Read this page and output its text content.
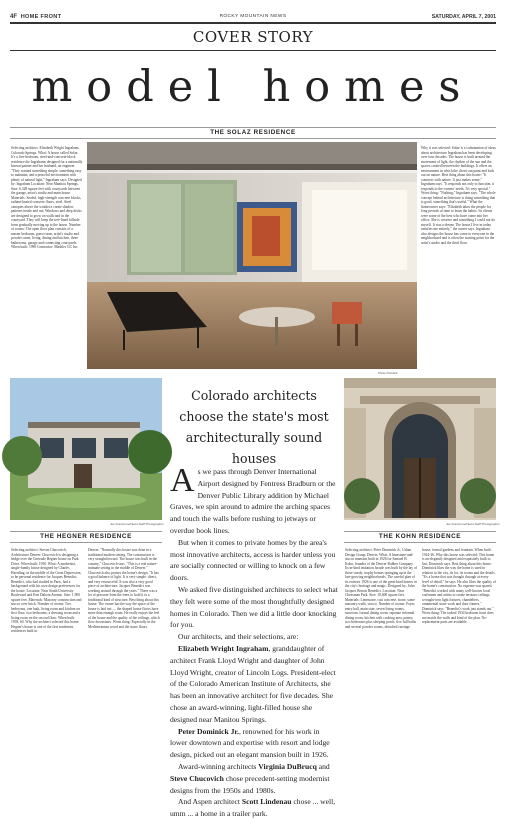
4F HOME FRONT	ROCKY MOUNTAIN NEWS	SATURDAY, APRIL 7, 2001
COVER STORY
model homes
THE SOLAZ RESIDENCE
Selecting architect: Elisabeth Wright Ingraham, Colorado Springs. What: A house called Solaz. It's a five-bedroom, steel-and-concrete-block residence the Ingrahams designed for a nationally known painter and her husband, an engineer. "They wanted something simple, something easy to maintain, and a peaceful environment with plenty of natural light," Ingraham says. Designed by: Ingraham Location: Near Manitou Springs. Size: 6,328 square feet with courtyards between the garage, artist's studio and main house. Materials: Sealed, high-strength concrete blocks, radiant-heated concrete floors, steel. Steel canopies above the windows create shadow patterns inside and out. Windows and deep decks are designed to grow on walls and in the courtyard. They will keep the tree-lined hillside from gradually moving up to the house. Number of rooms: The open floor plan consists of a master bedroom, guest room, artist's studio and powder room, living, dining and kitchen, three bathrooms, garage and connecting courtyards. When built: 1996 Contractor: Mashler GC Inc.
Photo Poltrack
Why it was selected: Solaz is a culmination of ideas about architecture Ingraham has been developing over four decades. The house is built around the movement of light, the rhythm of the sun and the spaces created between the buildings. It offers an environment in which the client can paint and look out on nature. Best thing about this house: "It connects with nature. It just makes sense," Ingraham says. "It responds not only to function, it responds to the owners' needs. It's very special." Worst thing: "Nothing," Ingraham says. "The whole concept behind architecture is doing something that is good, something that's useful." What the homeowner says: "Elisabeth takes the people for long periods of time to learn the habits. Its clients were some of the best who have come into her office. She is creative and something I could not do myself. It was a dream. The house I live in today satisfies me entirely," the owner says. Ingraham also designs the house has come to everyone in the neighborhood and is often the starting point for the artist's studio and the third floor.
Colorado architects choose the state's most architecturally sound houses
Joe Dunsmore/News Staff Photographer	Joe Dunsmore/News Staff Photographer
A s we pass through Denver International Airport designed by Fentress Bradburn or the Denver Public Library addition by Michael Graves, we spin around to admire the arching spaces and touch the walls before rushing to jetways or overdue book lines.

But when it comes to private homes by the area's most innovative architects, access is harder unless you are socially connected or willing to knock on a few doors.

We asked five distinguished architects to select what they felt were some of the most thoughtfully designed homes in Colorado. Then we did a little door knocking for you.

Our architects, and their selections, are:

Elizabeth Wright Ingraham, granddaughter of architect Frank Lloyd Wright and daughter of John Lloyd Wright, creator of Lincoln Logs. President-elect of the Colorado American Institute of Architects, she has been an innovative architect for five decades. She chose an award-winning, light-filled house she designed near Manitou Springs.

Peter Dominick Jr., renowned for his work in lower downtown and expertise with resort and lodge design, picked out an elegant mansion built in 1926.

Award-winning architects Virginia DuBrucq and Steve Chucovich chose precedent-setting modernist designs from the 1950s and 1980s.

And Aspen architect Scott Lindenau chose ... well, umm ... a home in a trailer park.

THE HEGNER RESIDENCE
Selecting architect: Steven Chucovich, Architecture Denver. Chucovich is designing a hedge over the Gertrude Hegner house on Park Drive. When built: 1950. What: A modernist, single-family house designed by Charles Haertling, in the middle of the Great Depression, to be personal residence for Jacques Benedict. Benedict, who had studied in Paris, had a background with his own design preferences for the house. Location: Near South University Boulevard and East Dakota Avenue. Size: 1,900 square feet. Materials: Masonry construction and stucco over brick. Number of rooms: Two bedrooms, one bath, living room and kitchen on first floor, two bedrooms, a dressing room and a living room on the second floor. When built: 1939, 60. Why the architect selected this home: Hegner's house is one of the first modernist residences built in
Denver. "Normally this house was done in a traditional modern setting. The construction is very straightforward. The house was built in the country," Chucovich says. "This is a real nature-intimate setting in the middle of Denver." Chucovich also praises the home's design. "It has a good balance of light. It is very simple, direct, and very resourceful. It was also a very good piece of architecture. Jacques Benedict was working around through the years." There was a lot of pressure from the trees to hold it to a traditional kind of structure. Best thing about this house: The owner has the way the space of the house is laid out — the shaped house floors have more than enough room. He really enjoys the feel of the house and the quality of the ceilings, which flow downstairs. Worst thing: Especially in the Mediterranean wood and the stone floors.
THE KOHN RESIDENCE
Selecting architect: Peter Dominick Jr., Urban Design Group, Denver. What: A limestone-and-stucco mansion built in 1926 for Samuel B. Kohn, founder of the Denver Rubber Company. Its in-kind imitation facade was built by the lay of those sturdy, trophy homes springing up in the late-growing neighborhoods. The careful plan of its exterior 1926 is one of the great-kind homes in the city's heritage and magic. Designed by: Jules Jacques Benois Benedict. Location: Near Cheesman Park. Size: 10,600 square feet. Materials: Limestone, cast concrete, stone, some masonry walls, stucco. Number of rooms: Foyer, entry hall, main stair, seven living rooms, sunroom, formal dining room, separate informal dining room, kitchen with cooking area, pantry, two bedrooms plus sleeping porch, five full baths and several powder rooms, detached carriage
house, formal gardens and fountain. When built: 1924-26. Why this house was selected: This home is an elegantly designed and exquisitely built to last, Dominick says. Best thing about this home: Dominick likes the way the home is sited in relation to the city, its lot, its rooms and the details. "It's a house that was thought through at every level of detail," he says. He also likes the quality of the home's construction. No expense was spared. "Benedict worked with many well-known local craftsmen and artists to create terrazzo ceilings, wrought-iron light fixtures, chandeliers, ornamental stone work and door frames," Dominick says. "Benedict's work just stands out." Worst thing: The tacked 1934 bedroom front does not match the walls and kind of the plan. No-replacement parts are available.
